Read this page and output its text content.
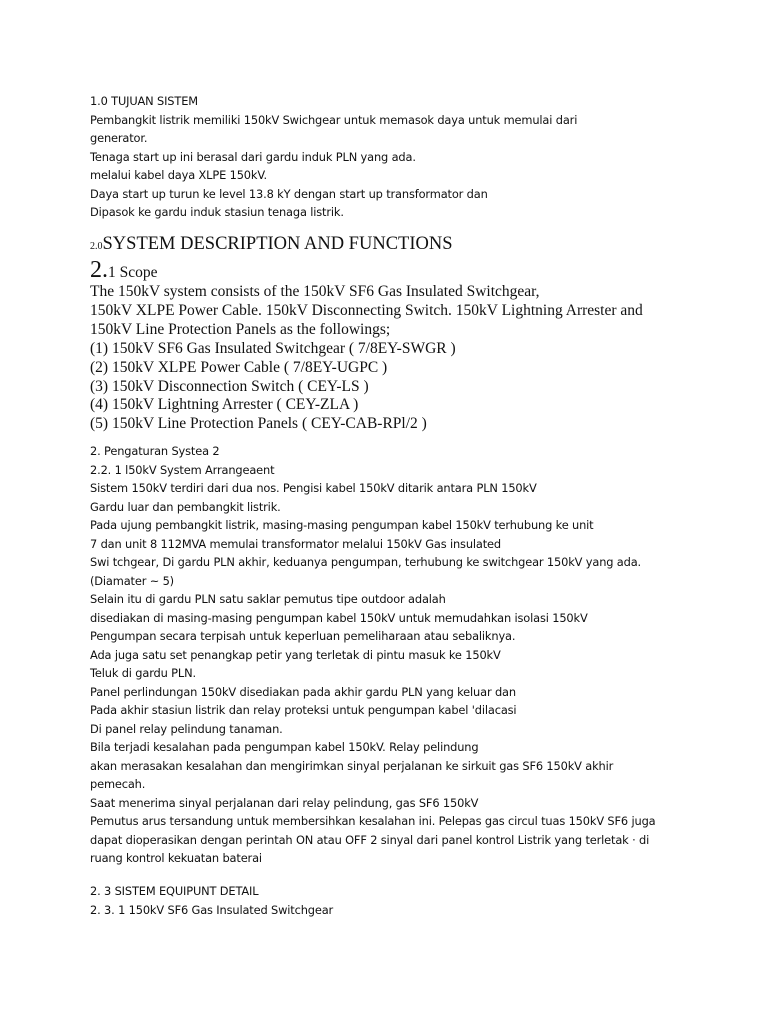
1.0 TUJUAN SISTEM
Pembangkit listrik memiliki 150kV Swichgear untuk memasok daya untuk memulai dari
generator.
Tenaga start up ini berasal dari gardu induk PLN yang ada.
melalui kabel daya XLPE 150kV.
Daya start up turun ke level 13.8 kY dengan start up transformator dan
Dipasok ke gardu induk stasiun tenaga listrik.
2.0SYSTEM DESCRIPTION AND FUNCTIONS
2.1 Scope
The 150kV system consists of the 150kV SF6 Gas Insulated Switchgear,
150kV XLPE Power Cable. 150kV Disconnecting Switch. 150kV Lightning Arrester and
150kV Line Protection Panels as the followings;
(1) 150kV SF6 Gas Insulated Switchgear ( 7/8EY-SWGR )
(2) 150kV XLPE Power Cable ( 7/8EY-UGPC )
(3) 150kV Disconnection Switch ( CEY-LS )
(4) 150kV Lightning Arrester ( CEY-ZLA )
(5) 150kV Line Protection Panels ( CEY-CAB-RPl/2 )
2. Pengaturan Systea 2
2.2. 1 l50kV System Arrangeaent
Sistem 150kV terdiri dari dua nos. Pengisi kabel 150kV ditarik antara PLN 150kV
Gardu luar dan pembangkit listrik.
Pada ujung pembangkit listrik, masing-masing pengumpan kabel 150kV terhubung ke unit
7 dan unit 8 112MVA memulai transformator melalui 150kV Gas insulated
Swi tchgear, Di gardu PLN akhir, keduanya pengumpan, terhubung ke switchgear 150kV yang ada.
(Diamater ~ 5)
Selain itu di gardu PLN satu saklar pemutus tipe outdoor adalah
disediakan di masing-masing pengumpan kabel 150kV untuk memudahkan isolasi 150kV
Pengumpan secara terpisah untuk keperluan pemeliharaan atau sebaliknya.
Ada juga satu set penangkap petir yang terletak di pintu masuk ke 150kV
Teluk di gardu PLN.
Panel perlindungan 150kV disediakan pada akhir gardu PLN yang keluar dan
Pada akhir stasiun listrik dan relay proteksi untuk pengumpan kabel 'dilacasi
Di panel relay pelindung tanaman.
Bila terjadi kesalahan pada pengumpan kabel 150kV. Relay pelindung
akan merasakan kesalahan dan mengirimkan sinyal perjalanan ke sirkuit gas SF6 150kV akhir
pemecah.
Saat menerima sinyal perjalanan dari relay pelindung, gas SF6 150kV
Pemutus arus tersandung untuk membersihkan kesalahan ini. Pelepas gas circul tuas 150kV SF6 juga
dapat dioperasikan dengan perintah ON atau OFF 2 sinyal dari panel kontrol Listrik yang terletak · di
ruang kontrol kekuatan baterai
2. 3 SISTEM EQUIPUNT DETAIL
2. 3. 1 150kV SF6 Gas Insulated Switchgear
